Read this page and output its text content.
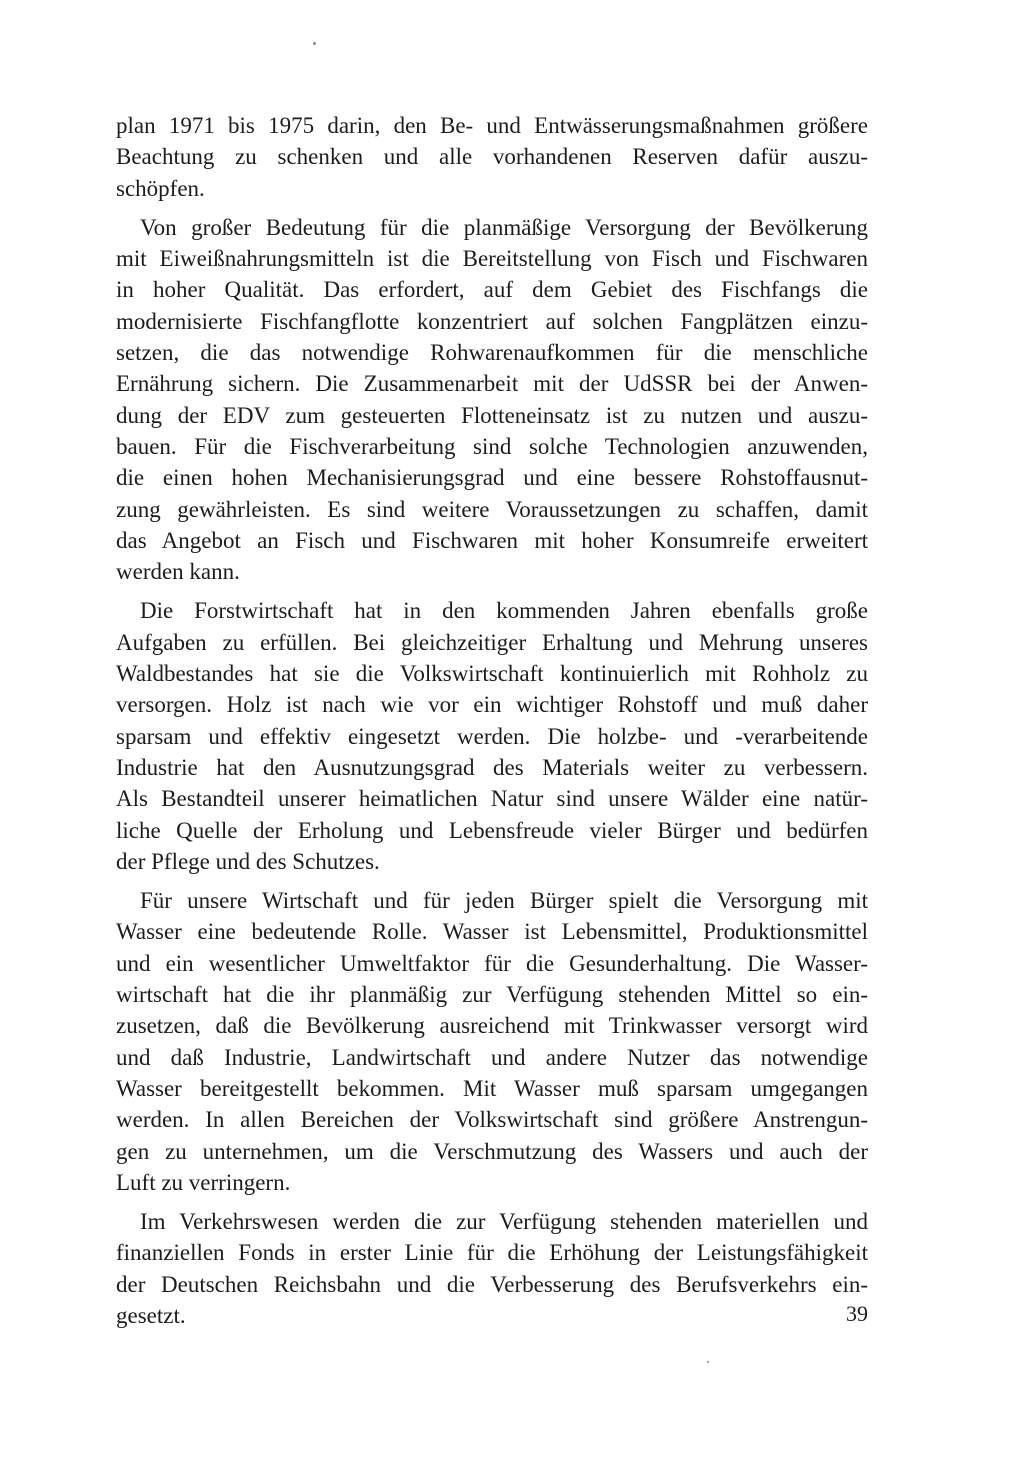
plan 1971 bis 1975 darin, den Be- und Entwässerungsmaßnahmen größere
Beachtung zu schenken und alle vorhandenen Reserven dafür auszu-
schöpfen.
Von großer Bedeutung für die planmäßige Versorgung der Bevölkerung
mit Eiweißnahrungsmitteln ist die Bereitstellung von Fisch und Fischwaren
in hoher Qualität. Das erfordert, auf dem Gebiet des Fischfangs die
modernisierte Fischfangflotte konzentriert auf solchen Fangplätzen einzu-
setzen, die das notwendige Rohwarenaufkommen für die menschliche
Ernährung sichern. Die Zusammenarbeit mit der UdSSR bei der Anwen-
dung der EDV zum gesteuerten Flotteneinsatz ist zu nutzen und auszu-
bauen. Für die Fischverarbeitung sind solche Technologien anzuwenden,
die einen hohen Mechanisierungsgrad und eine bessere Rohstoffausnut-
zung gewährleisten. Es sind weitere Voraussetzungen zu schaffen, damit
das Angebot an Fisch und Fischwaren mit hoher Konsumreife erweitert
werden kann.
Die Forstwirtschaft hat in den kommenden Jahren ebenfalls große
Aufgaben zu erfüllen. Bei gleichzeitiger Erhaltung und Mehrung unseres
Waldbestandes hat sie die Volkswirtschaft kontinuierlich mit Rohholz zu
versorgen. Holz ist nach wie vor ein wichtiger Rohstoff und muß daher
sparsam und effektiv eingesetzt werden. Die holzbe- und -verarbeitende
Industrie hat den Ausnutzungsgrad des Materials weiter zu verbessern.
Als Bestandteil unserer heimatlichen Natur sind unsere Wälder eine natür-
liche Quelle der Erholung und Lebensfreude vieler Bürger und bedürfen
der Pflege und des Schutzes.
Für unsere Wirtschaft und für jeden Bürger spielt die Versorgung mit
Wasser eine bedeutende Rolle. Wasser ist Lebensmittel, Produktionsmittel
und ein wesentlicher Umweltfaktor für die Gesunderhaltung. Die Wasser-
wirtschaft hat die ihr planmäßig zur Verfügung stehenden Mittel so ein-
zusetzen, daß die Bevölkerung ausreichend mit Trinkwasser versorgt wird
und daß Industrie, Landwirtschaft und andere Nutzer das notwendige
Wasser bereitgestellt bekommen. Mit Wasser muß sparsam umgegangen
werden. In allen Bereichen der Volkswirtschaft sind größere Anstrengun-
gen zu unternehmen, um die Verschmutzung des Wassers und auch der
Luft zu verringern.
Im Verkehrswesen werden die zur Verfügung stehenden materiellen und
finanziellen Fonds in erster Linie für die Erhöhung der Leistungsfähigkeit
der Deutschen Reichsbahn und die Verbesserung des Berufsverkehrs ein-
gesetzt.	39
